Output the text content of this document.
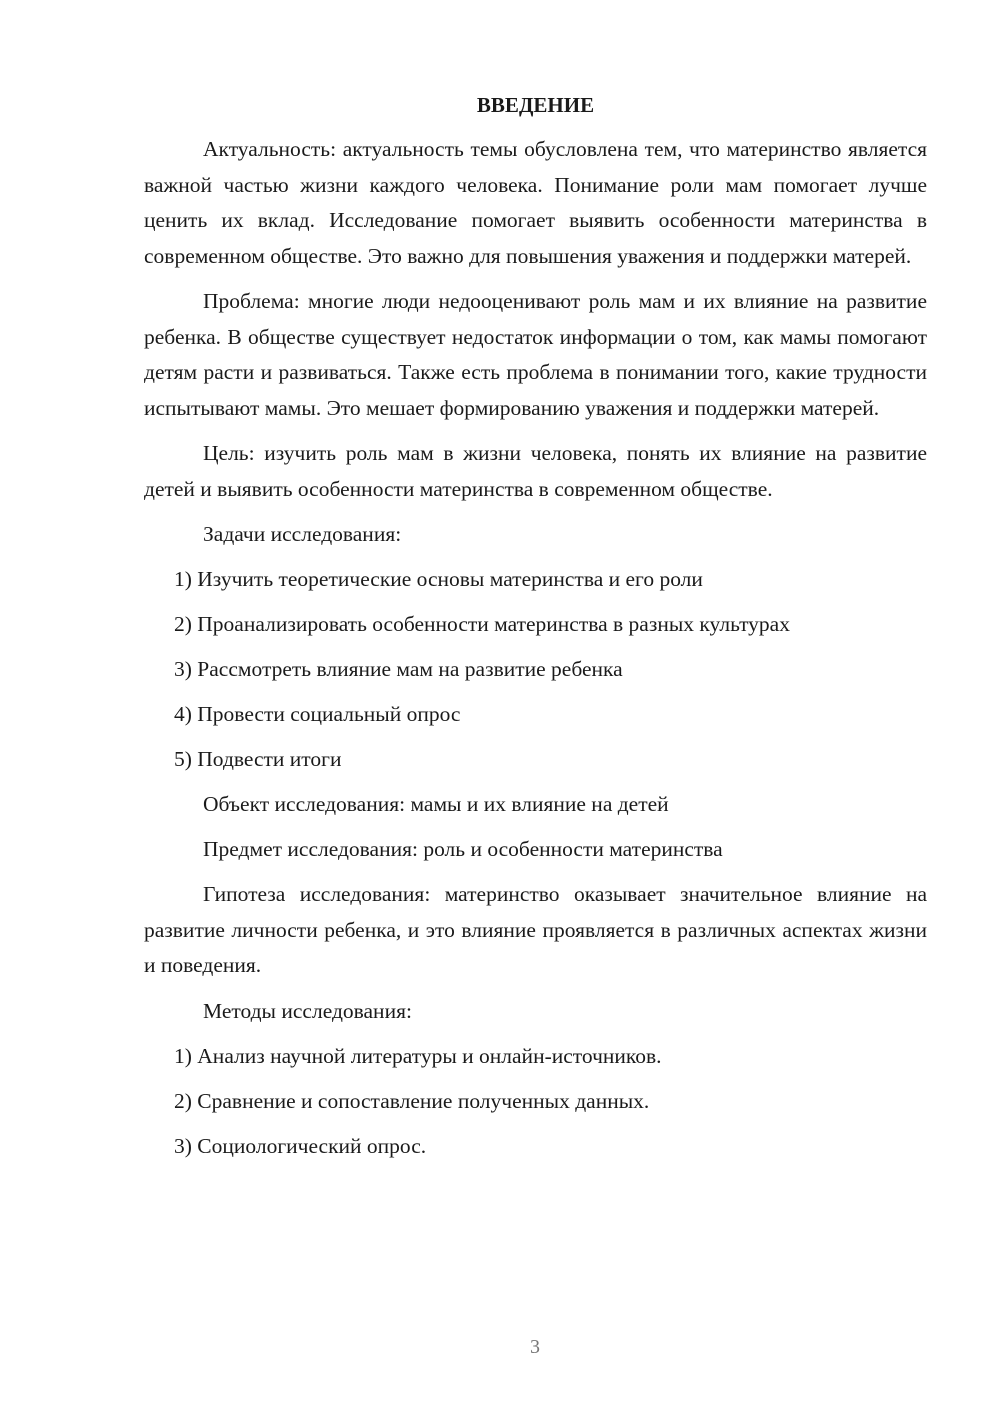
ВВЕДЕНИЕ

Актуальность: актуальность темы обусловлена тем, что материнство является важной частью жизни каждого человека. Понимание роли мам помогает лучше ценить их вклад. Исследование помогает выявить особенности материнства в современном обществе. Это важно для повышения уважения и поддержки матерей.

Проблема: многие люди недооценивают роль мам и их влияние на развитие ребенка. В обществе существует недостаток информации о том, как мамы помогают детям расти и развиваться. Также есть проблема в понимании того, какие трудности испытывают мамы. Это мешает формированию уважения и поддержки матерей.

Цель: изучить роль мам в жизни человека, понять их влияние на развитие детей и выявить особенности материнства в современном обществе.

Задачи исследования:
1) Изучить теоретические основы материнства и его роли
2) Проанализировать особенности материнства в разных культурах
3) Рассмотреть влияние мам на развитие ребенка
4) Провести социальный опрос
5) Подвести итоги
Объект исследования: мамы и их влияние на детей
Предмет исследования: роль и особенности материнства

Гипотеза исследования: материнство оказывает значительное влияние на развитие личности ребенка, и это влияние проявляется в различных аспектах жизни и поведения.

Методы исследования:
1) Анализ научной литературы и онлайн-источников.
2) Сравнение и сопоставление полученных данных.
3) Социологический опрос.
3
